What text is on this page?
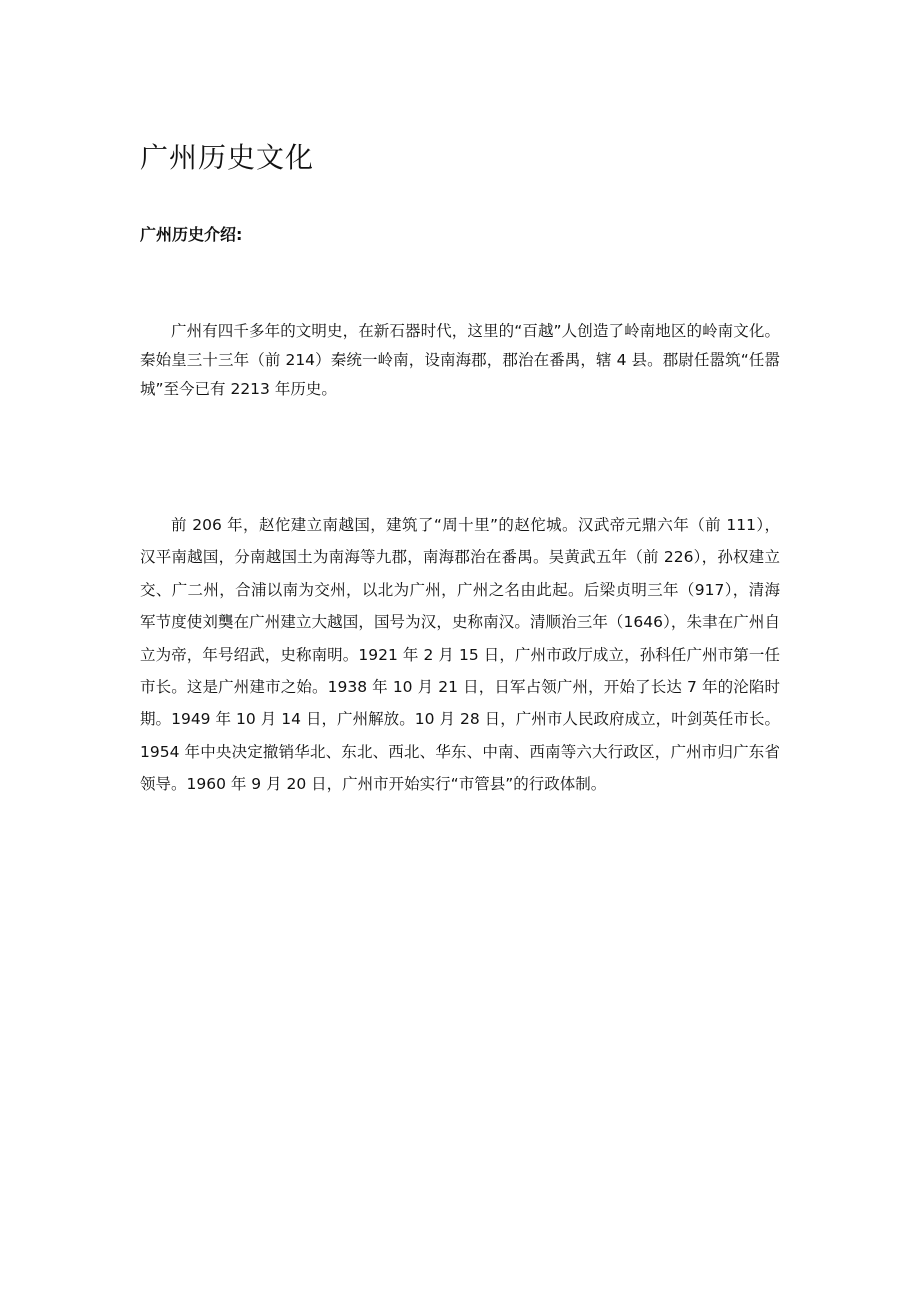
广州历史文化
广州历史介绍:

广州有四千多年的文明史，在新石器时代，这里的“百越”人创造了岭南地区的岭南文化。秦始皇三十三年（前 214）秦统一岭南，设南海郡，郡治在番禺，辖 4 县。郡尉任嚣筑“任嚣城”至今已有 2213 年历史。

前 206 年，赵佗建立南越国，建筑了“周十里”的赵佗城。汉武帝元鼎六年（前 111），汉平南越国，分南越国土为南海等九郡，南海郡治在番禺。吴黄武五年（前 226），孙权建立交、广二州，合浦以南为交州，以北为广州，广州之名由此起。后梁贞明三年（917），清海军节度使刘龑在广州建立大越国，国号为汉，史称南汉。清顺治三年（1646），朱聿在广州自立为帝，年号绍武，史称南明。1921 年 2 月 15 日，广州市政厅成立，孙科任广州市第一任市长。这是广州建市之始。1938 年 10 月 21 日，日军占领广州，开始了长达 7 年的沦陷时期。1949 年 10 月 14 日，广州解放。10 月 28 日，广州市人民政府成立，叶剑英任市长。1954 年中央决定撤销华北、东北、西北、华东、中南、西南等六大行政区，广州市归广东省领导。1960 年 9 月 20 日，广州市开始实行“市管县”的行政体制。
